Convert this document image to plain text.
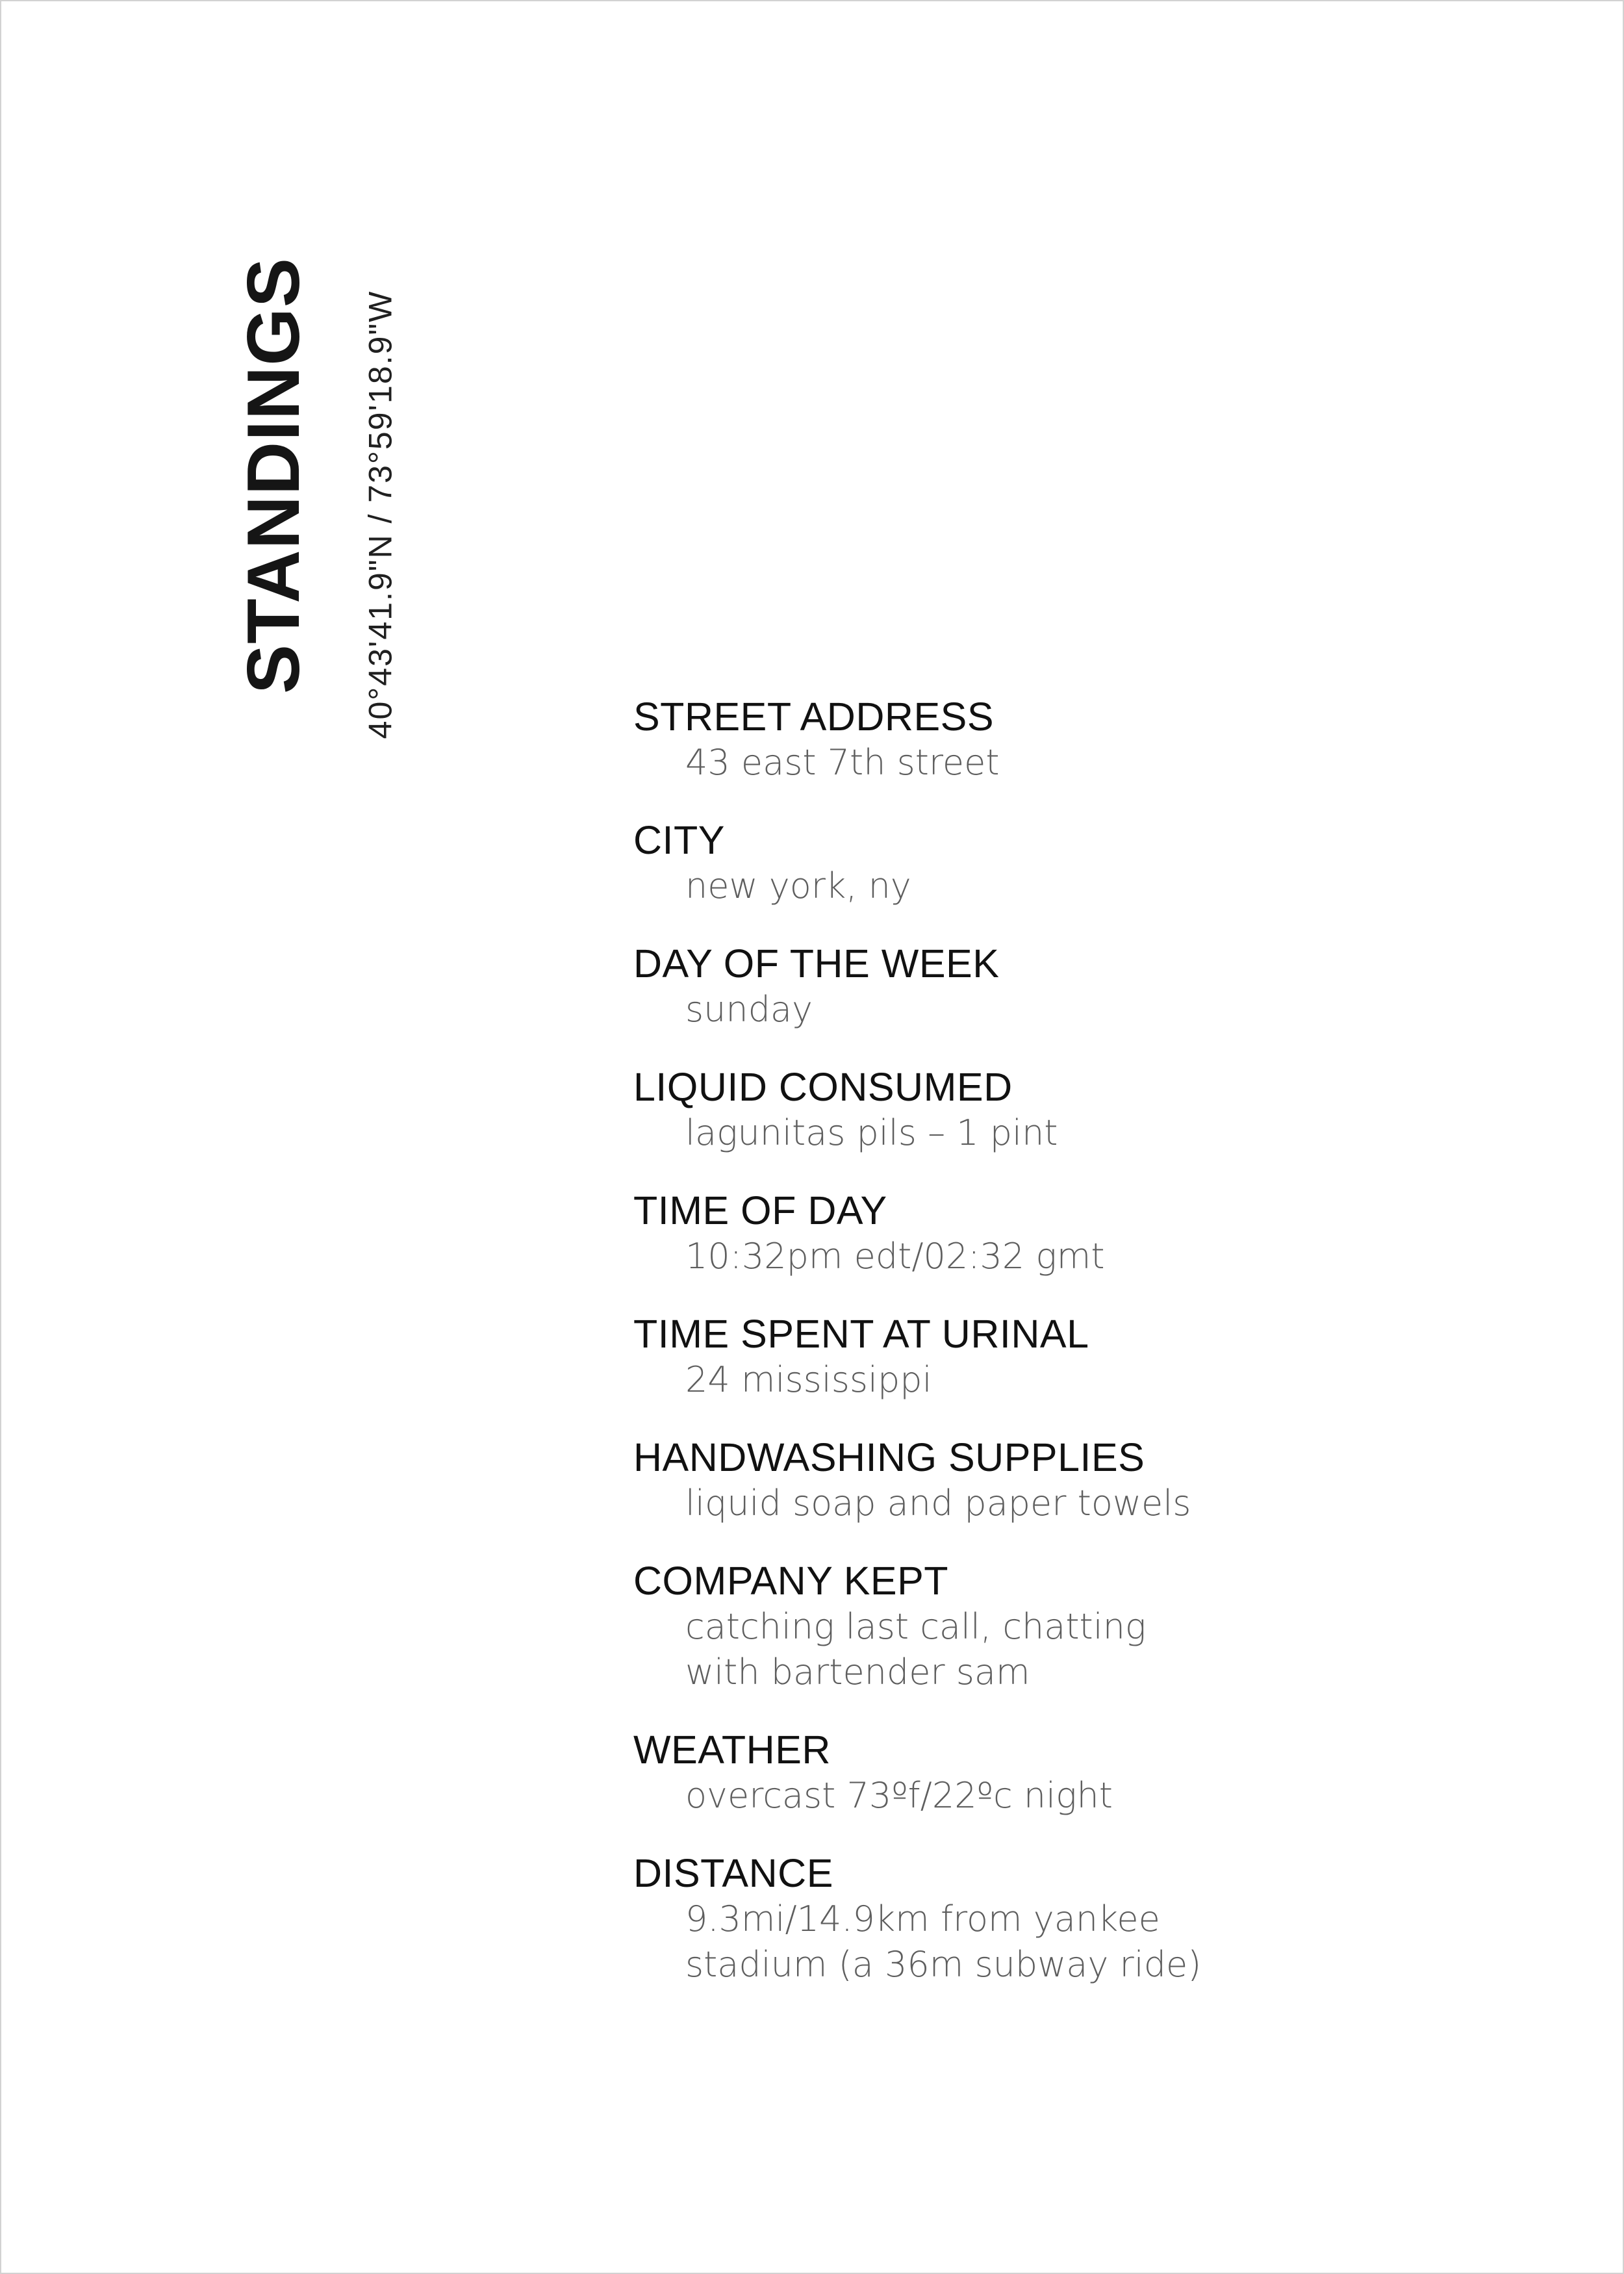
STANDINGS 40°43'41.9"N / 73°59'18.9"W	STREET ADDRESS
43 east 7th street
CITY
new york, ny
DAY OF THE WEEK
sunday
LIQUID CONSUMED
lagunitas pils – 1 pint
TIME OF DAY
10:32pm edt/02:32 gmt
TIME SPENT AT URINAL
24 mississippi
HANDWASHING SUPPLIES
liquid soap and paper towels
COMPANY KEPT
catching last call, chatting
with bartender sam
WEATHER
overcast 73ºf/22ºc night
DISTANCE
9.3mi/14.9km from yankee
stadium (a 36m subway ride)
